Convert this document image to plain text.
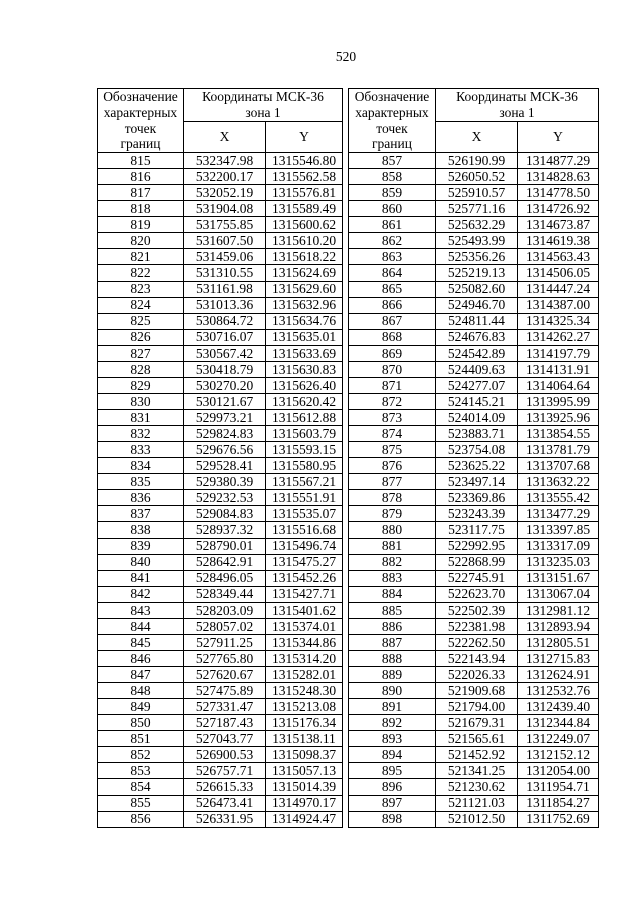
520
Обозначение
характерных
точек
границ
Координаты МСК-36
зона 1
X	Y
815	532347.98	1315546.80
816	532200.17	1315562.58
817	532052.19	1315576.81
818	531904.08	1315589.49
819	531755.85	1315600.62
820	531607.50	1315610.20
821	531459.06	1315618.22
822	531310.55	1315624.69
823	531161.98	1315629.60
824	531013.36	1315632.96
825	530864.72	1315634.76
826	530716.07	1315635.01
827	530567.42	1315633.69
828	530418.79	1315630.83
829	530270.20	1315626.40
830	530121.67	1315620.42
831	529973.21	1315612.88
832	529824.83	1315603.79
833	529676.56	1315593.15
834	529528.41	1315580.95
835	529380.39	1315567.21
836	529232.53	1315551.91
837	529084.83	1315535.07
838	528937.32	1315516.68
839	528790.01	1315496.74
840	528642.91	1315475.27
841	528496.05	1315452.26
842	528349.44	1315427.71
843	528203.09	1315401.62
844	528057.02	1315374.01
845	527911.25	1315344.86
846	527765.80	1315314.20
847	527620.67	1315282.01
848	527475.89	1315248.30
849	527331.47	1315213.08
850	527187.43	1315176.34
851	527043.77	1315138.11
852	526900.53	1315098.37
853	526757.71	1315057.13
854	526615.33	1315014.39
855	526473.41	1314970.17
856	526331.95	1314924.47
Обозначение
характерных
точек
границ
Координаты МСК-36
зона 1
X	Y
857	526190.99	1314877.29
858	526050.52	1314828.63
859	525910.57	1314778.50
860	525771.16	1314726.92
861	525632.29	1314673.87
862	525493.99	1314619.38
863	525356.26	1314563.43
864	525219.13	1314506.05
865	525082.60	1314447.24
866	524946.70	1314387.00
867	524811.44	1314325.34
868	524676.83	1314262.27
869	524542.89	1314197.79
870	524409.63	1314131.91
871	524277.07	1314064.64
872	524145.21	1313995.99
873	524014.09	1313925.96
874	523883.71	1313854.55
875	523754.08	1313781.79
876	523625.22	1313707.68
877	523497.14	1313632.22
878	523369.86	1313555.42
879	523243.39	1313477.29
880	523117.75	1313397.85
881	522992.95	1313317.09
882	522868.99	1313235.03
883	522745.91	1313151.67
884	522623.70	1313067.04
885	522502.39	1312981.12
886	522381.98	1312893.94
887	522262.50	1312805.51
888	522143.94	1312715.83
889	522026.33	1312624.91
890	521909.68	1312532.76
891	521794.00	1312439.40
892	521679.31	1312344.84
893	521565.61	1312249.07
894	521452.92	1312152.12
895	521341.25	1312054.00
896	521230.62	1311954.71
897	521121.03	1311854.27
898	521012.50	1311752.69
